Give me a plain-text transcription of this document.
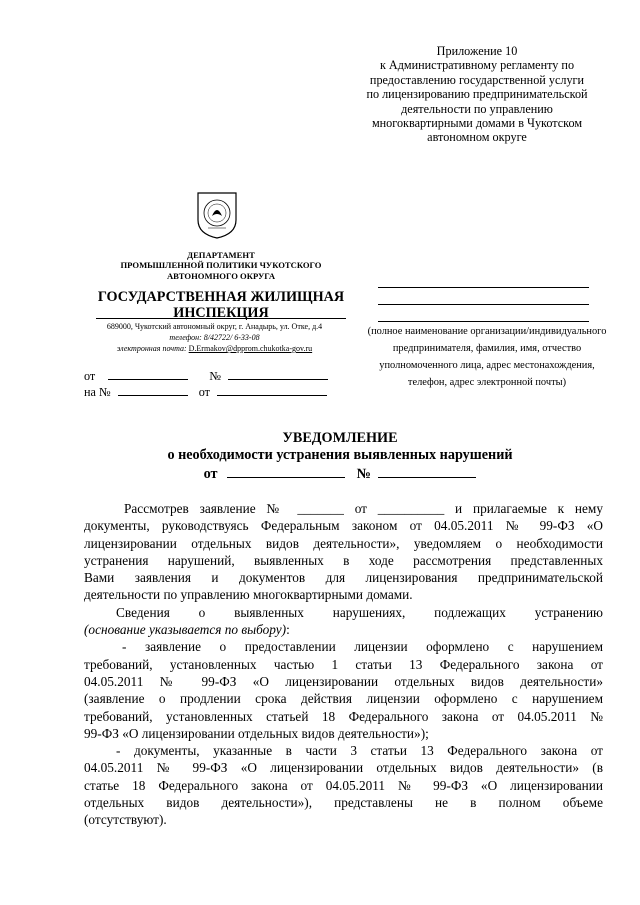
Приложение 10
к Административному регламенту по
предоставлению государственной услуги
по лицензированию предпринимательской
деятельности по управлению
многоквартирными домами в Чукотском
автономном округе
ДЕПАРТАМЕНТ
ПРОМЫШЛЕННОЙ ПОЛИТИКИ ЧУКОТСКОГО
АВТОНОМНОГО ОКРУГА
ГОСУДАРСТВЕННАЯ ЖИЛИЩНАЯ
ИНСПЕКЦИЯ
689000, Чукотский автономный округ, г. Анадырь, ул. Отке, д.4
телефон: 8/42722/ 6-33-08
электронная почта: D.Ermakov@dpprom.chukotka-gov.ru
от	№
на №	от
(полное наименование организации/индивидуального
предпринимателя, фамилия, имя, отчество
уполномоченного лица, адрес местонахождения,
телефон, адрес электронной почты)
УВЕДОМЛЕНИЕ
о необходимости устранения выявленных нарушений
от	№
Рассмотрев заявление № _______ от __________ и прилагаемые к нему
документы, руководствуясь Федеральным законом от 04.05.2011 № 99-ФЗ «О
лицензировании отдельных видов деятельности», уведомляем о необходимости
устранения нарушений, выявленных в ходе рассмотрения представленных
Вами заявления и документов для лицензирования предпринимательской
деятельности по управлению многоквартирными домами.
Сведения о выявленных нарушениях, подлежащих устранению
(основание указывается по выбору):
- заявление о предоставлении лицензии оформлено с нарушением
требований, установленных частью 1 статьи 13 Федерального закона от
04.05.2011 № 99-ФЗ «О лицензировании отдельных видов деятельности»
(заявление о продлении срока действия лицензии оформлено с нарушением
требований, установленных статьей 18 Федерального закона от 04.05.2011 №
99-ФЗ «О лицензировании отдельных видов деятельности»);
- документы, указанные в части 3 статьи 13 Федерального закона от
04.05.2011 № 99-ФЗ «О лицензировании отдельных видов деятельности» (в
статье 18 Федерального закона от 04.05.2011 № 99-ФЗ «О лицензировании
отдельных видов деятельности»), представлены не в полном объеме
(отсутствуют).
